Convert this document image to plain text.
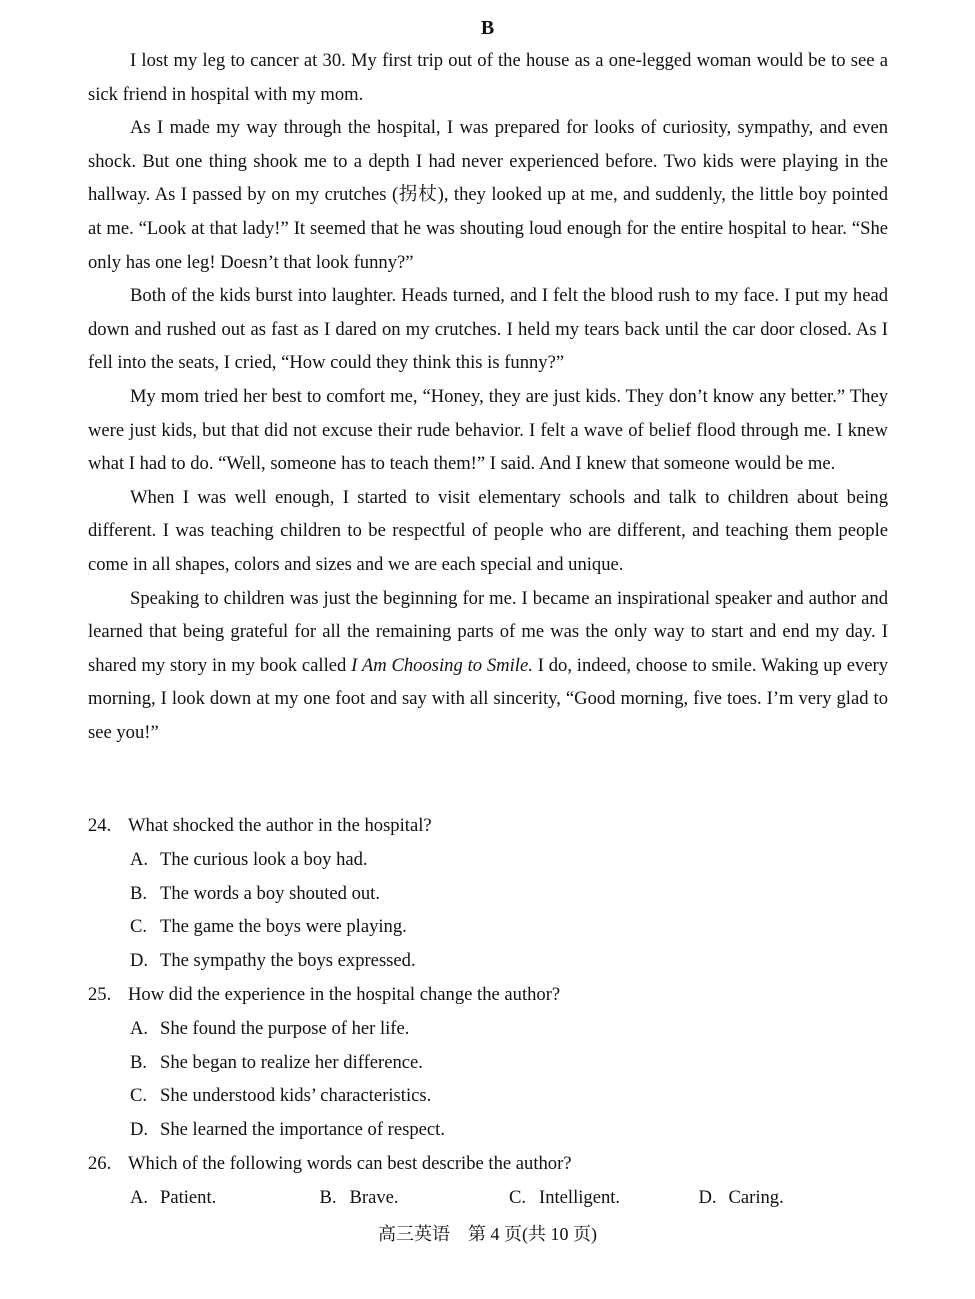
B

I lost my leg to cancer at 30. My first trip out of the house as a one-legged woman would be to see a sick friend in hospital with my mom.

As I made my way through the hospital, I was prepared for looks of curiosity, sympathy, and even shock. But one thing shook me to a depth I had never experienced before. Two kids were playing in the hallway. As I passed by on my crutches (拐杖), they looked up at me, and suddenly, the little boy pointed at me. “Look at that lady!” It seemed that he was shouting loud enough for the entire hospital to hear. “She only has one leg! Doesn’t that look funny?”

Both of the kids burst into laughter. Heads turned, and I felt the blood rush to my face. I put my head down and rushed out as fast as I dared on my crutches. I held my tears back until the car door closed. As I fell into the seats, I cried, “How could they think this is funny?”

My mom tried her best to comfort me, “Honey, they are just kids. They don’t know any better.” They were just kids, but that did not excuse their rude behavior. I felt a wave of belief flood through me. I knew what I had to do. “Well, someone has to teach them!” I said. And I knew that someone would be me.

When I was well enough, I started to visit elementary schools and talk to children about being different. I was teaching children to be respectful of people who are different, and teaching them people come in all shapes, colors and sizes and we are each special and unique.

Speaking to children was just the beginning for me. I became an inspirational speaker and author and learned that being grateful for all the remaining parts of me was the only way to start and end my day. I shared my story in my book called I Am Choosing to Smile. I do, indeed, choose to smile. Waking up every morning, I look down at my one foot and say with all sincerity, “Good morning, five toes. I’m very glad to see you!”

24. What shocked the author in the hospital?
A. The curious look a boy had.
B. The words a boy shouted out.
C. The game the boys were playing.
D. The sympathy the boys expressed.
25. How did the experience in the hospital change the author?
A. She found the purpose of her life.
B. She began to realize her difference.
C. She understood kids’ characteristics.
D. She learned the importance of respect.
26. Which of the following words can best describe the author?
A. Patient.	B. Brave.	C. Intelligent.	D. Caring.
高三英语　第 4 页(共 10 页)
